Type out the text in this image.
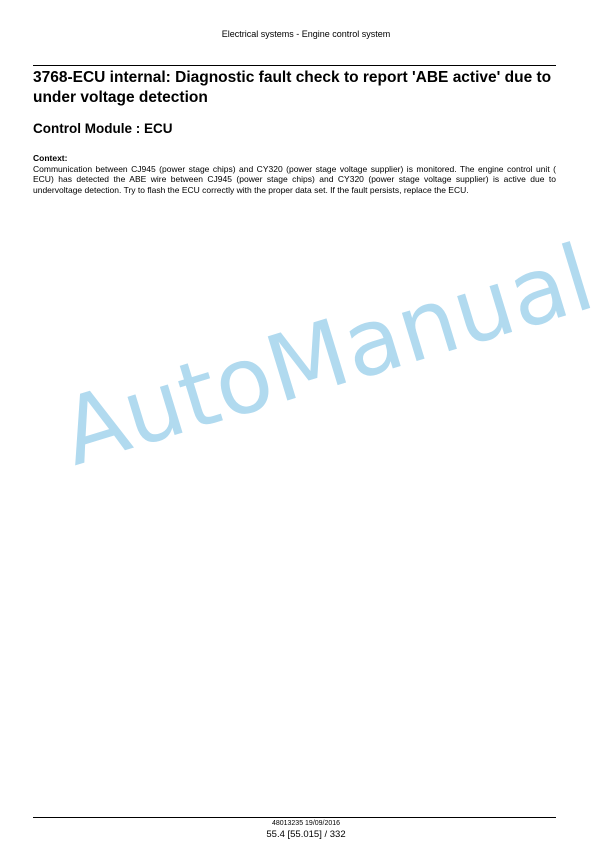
Electrical systems - Engine control system
3768-ECU internal: Diagnostic fault check to report 'ABE active' due to under voltage detection
Control Module : ECU
Context:

Communication between CJ945 (power stage chips) and CY320 (power stage voltage supplier) is monitored. The engine control unit ( ECU) has detected the ABE wire between CJ945 (power stage chips) and CY320 (power stage voltage supplier) is active due to undervoltage detection. Try to flash the ECU correctly with the proper data set. If the fault persists, replace the ECU.

AutoManual
48013235 19/09/2016
55.4 [55.015] / 332
